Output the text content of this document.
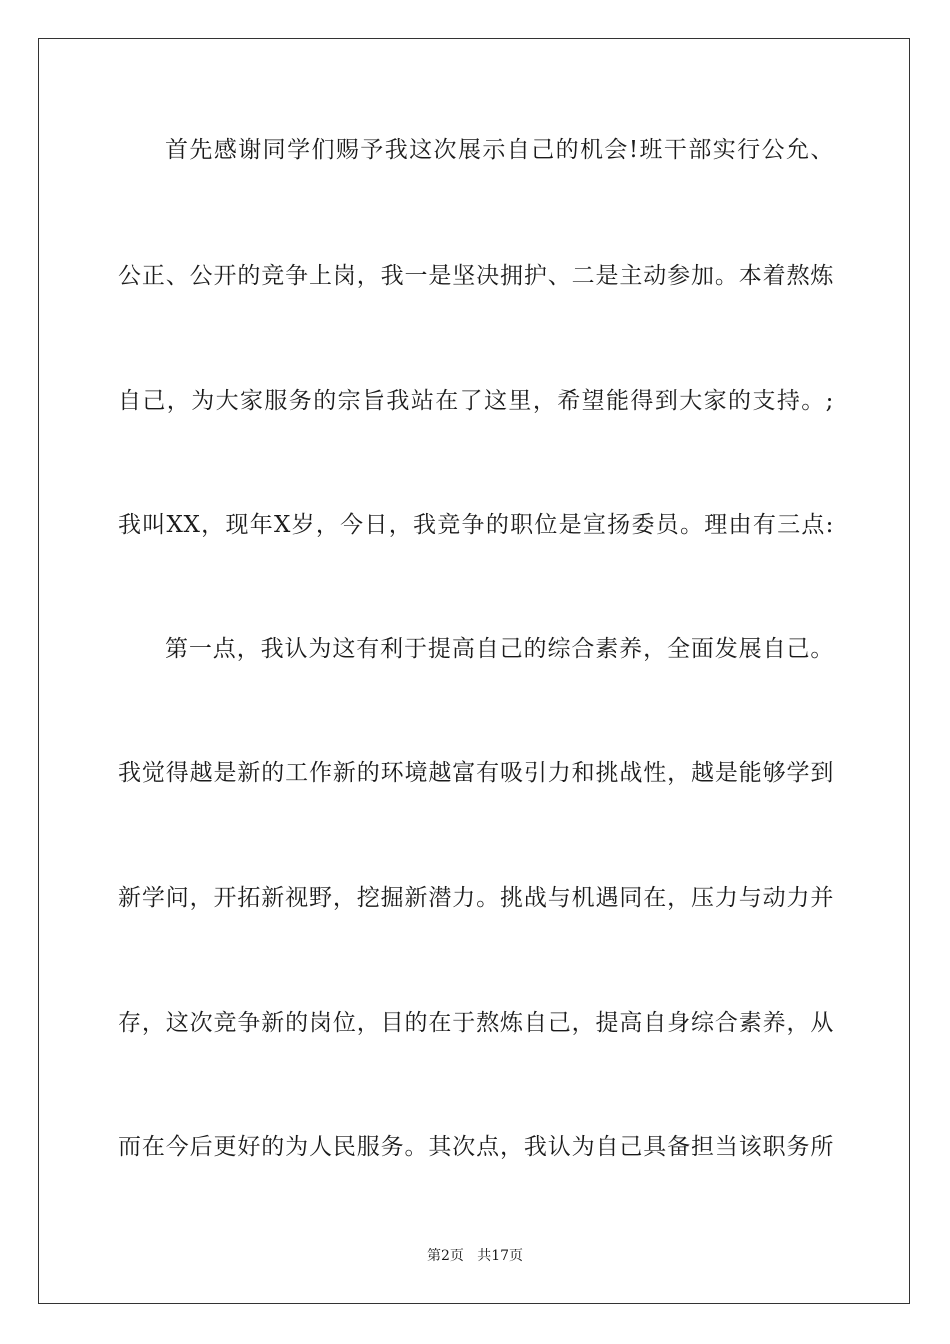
首先感谢同学们赐予我这次展示自己的机会!班干部实行公允、
公正、公开的竞争上岗，我一是坚决拥护、二是主动参加。本着熬炼
自己，为大家服务的宗旨我站在了这里，希望能得到大家的支持。;
我叫XX，现年X岁，今日，我竞争的职位是宣扬委员。理由有三点:
第一点，我认为这有利于提高自己的综合素养，全面发展自己。
我觉得越是新的工作新的环境越富有吸引力和挑战性，越是能够学到
新学问，开拓新视野，挖掘新潜力。挑战与机遇同在，压力与动力并
存，这次竞争新的岗位，目的在于熬炼自己，提高自身综合素养，从
而在今后更好的为人民服务。其次点，我认为自己具备担当该职务所
第2页   共17页
